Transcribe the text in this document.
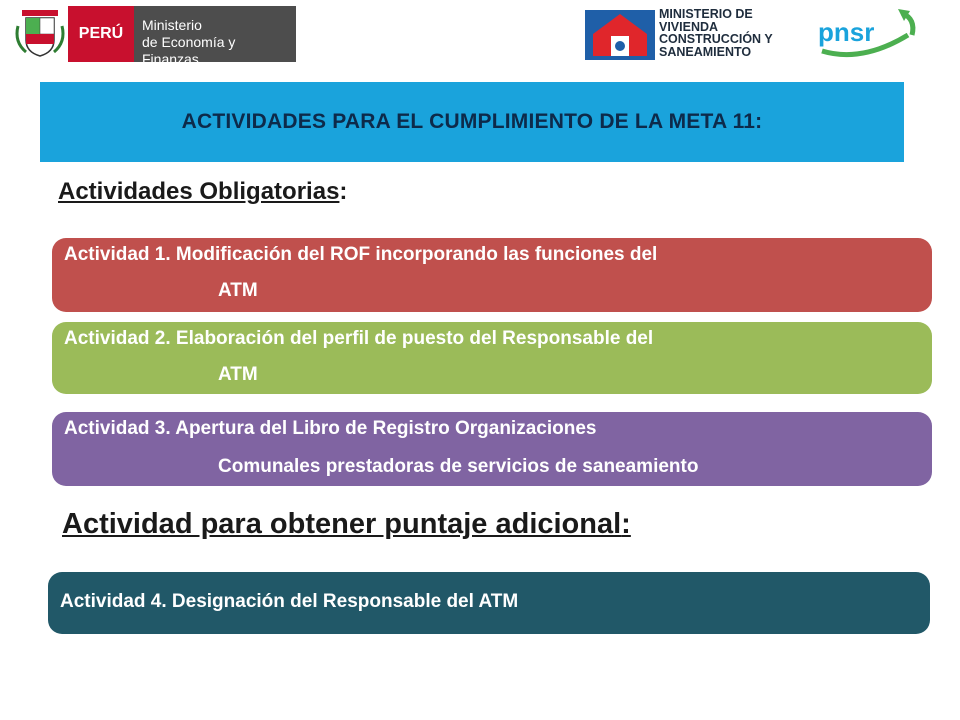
PERÚ	Ministerio
de Economía y Finanzas
MINISTERIO DE
VIVIENDA
CONSTRUCCIÓN Y
SANEAMIENTO
pnsr
ACTIVIDADES PARA EL CUMPLIMIENTO DE LA META 11:
Actividades Obligatorias:
Actividad 1. Modificación del ROF incorporando las funciones del
ATM
Actividad 2. Elaboración del perfil de puesto del Responsable del
ATM
Actividad 3. Apertura del Libro de Registro Organizaciones
Comunales prestadoras de servicios de saneamiento
Actividad para obtener puntaje adicional:
Actividad 4. Designación del Responsable del ATM
